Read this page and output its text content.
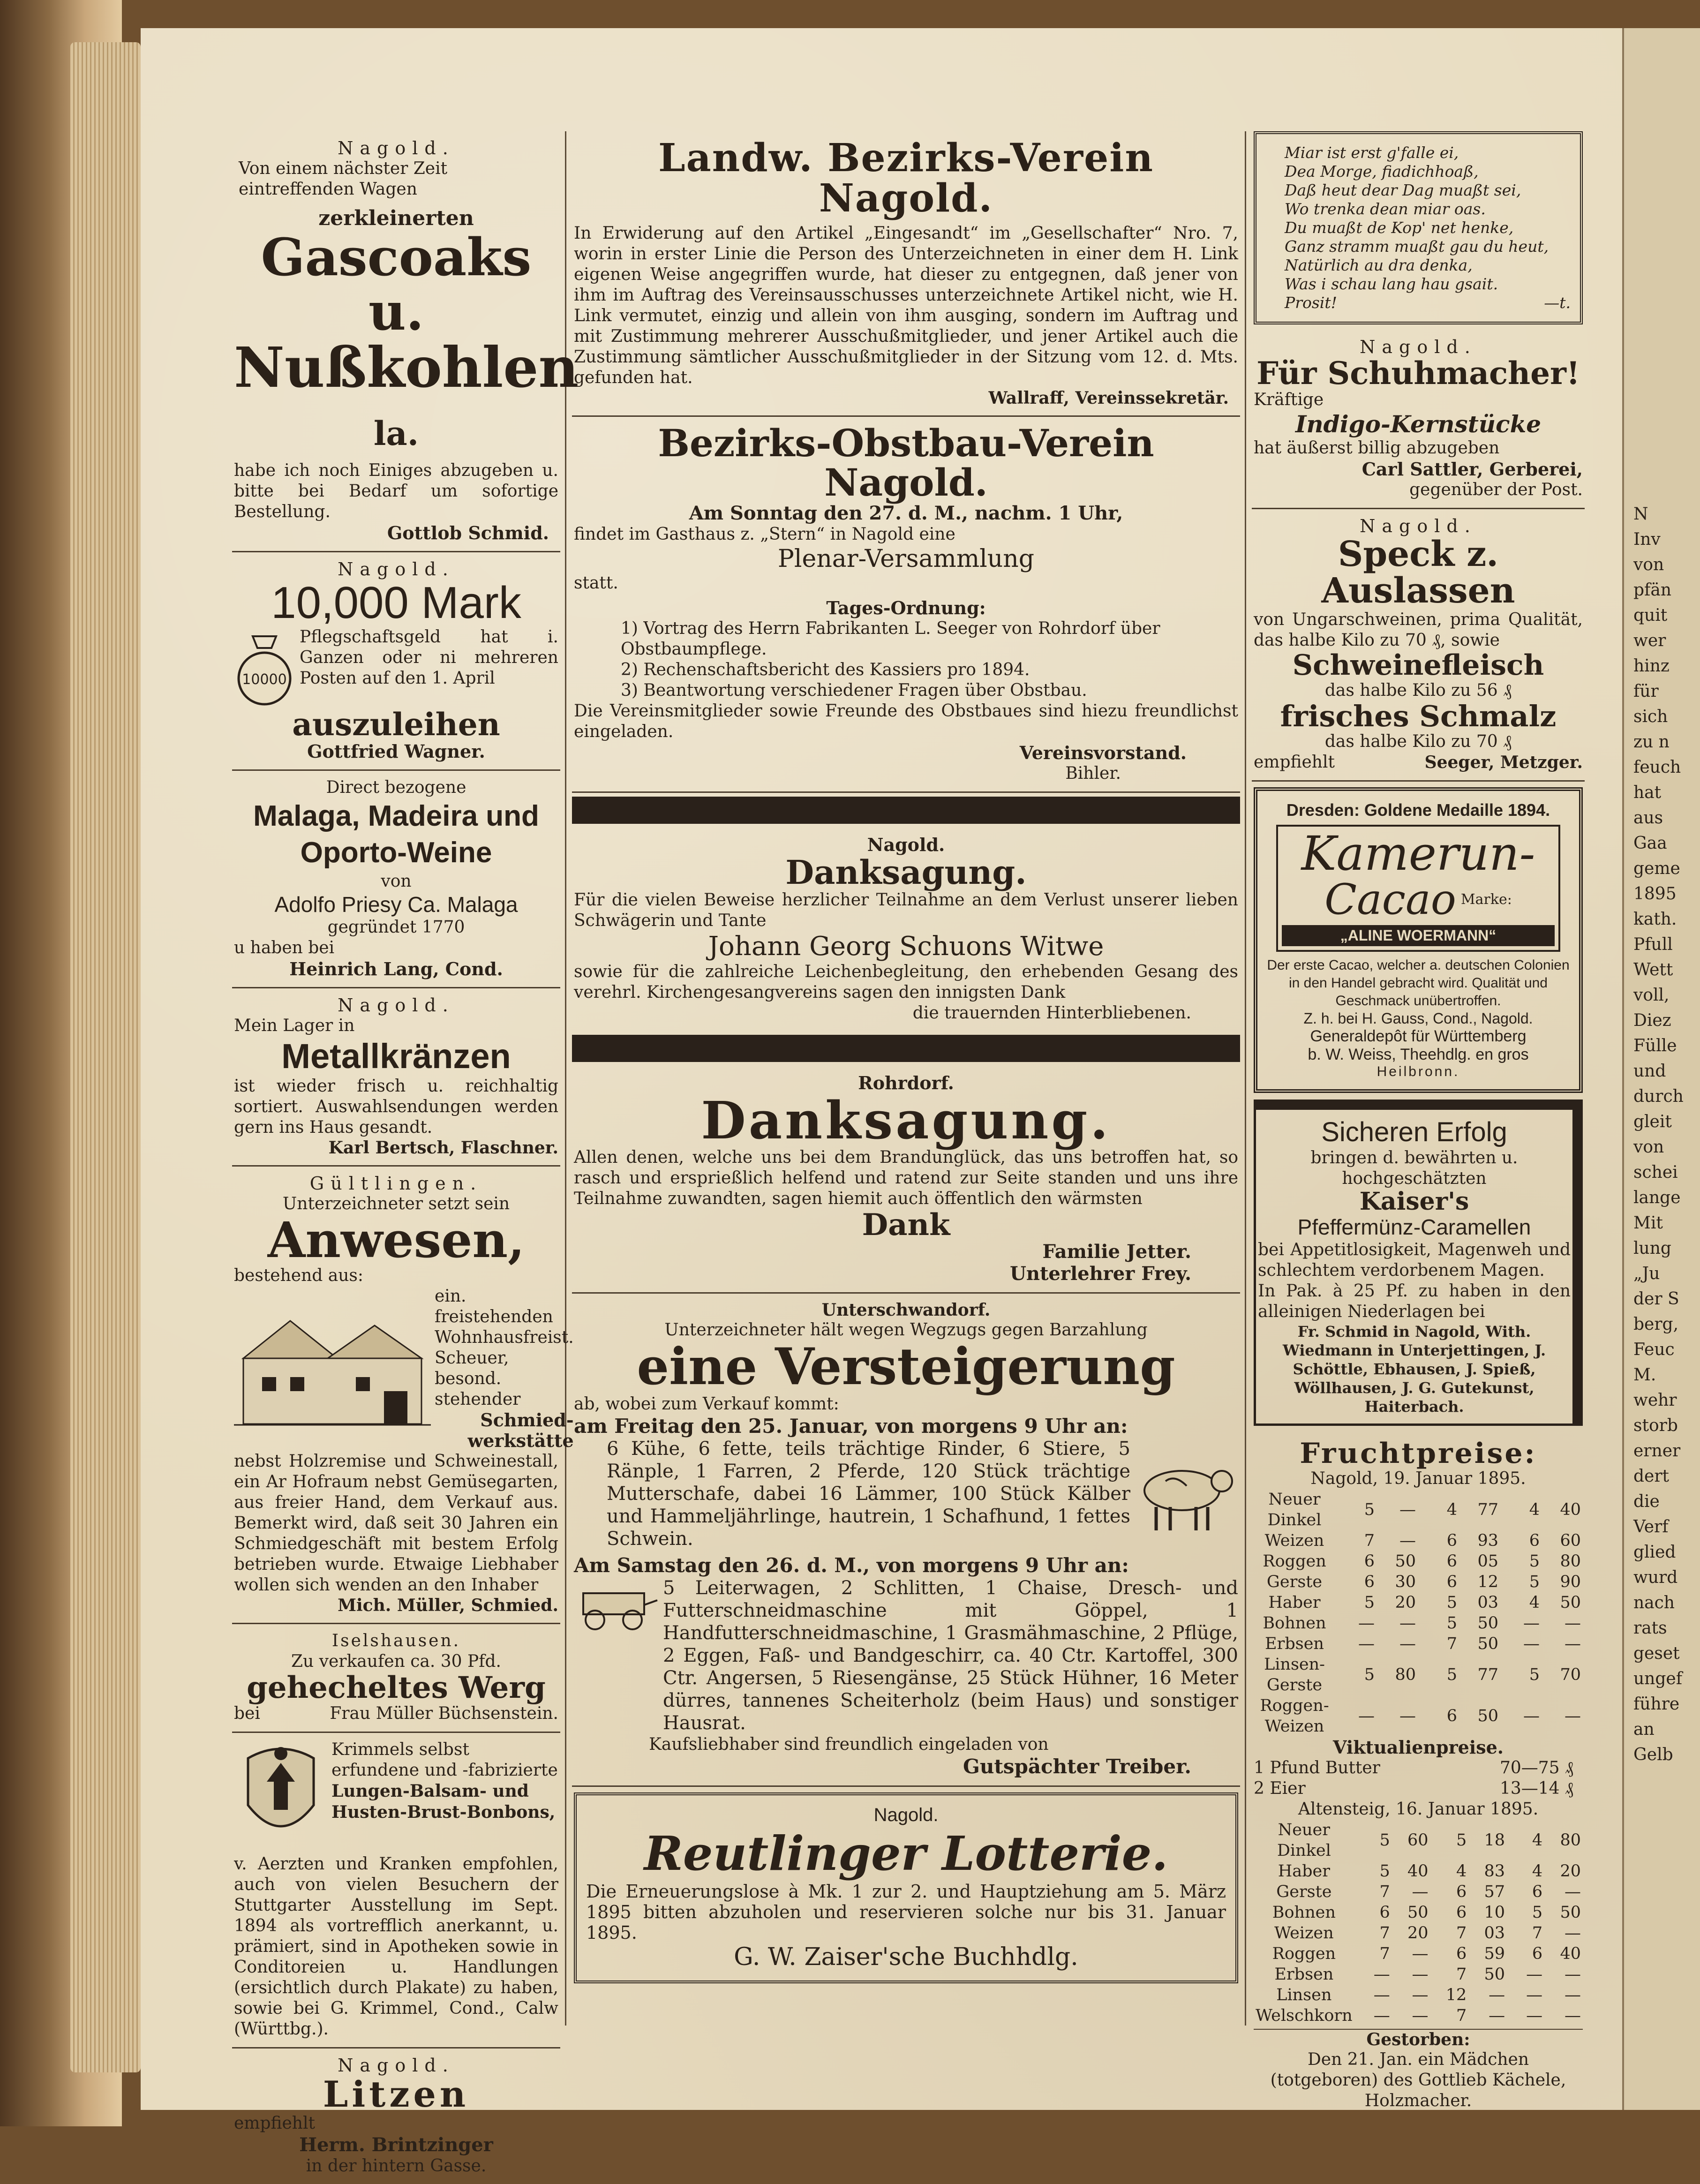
Nagold.
Von einem nächster Zeit eintreffenden Wagen
zerkleinerten
Gascoaks u.
Nußkohlen la.
habe ich noch Einiges abzugeben u. bitte bei Bedarf um sofortige Bestellung.
Gottlob Schmid.
Nagold.
10,000 Mark
10000
Pflegschaftsgeld hat i. Ganzen oder ni mehreren Posten auf den 1. April
auszuleihen
Gottfried Wagner.
Direct bezogene
Malaga, Madeira und
Oporto-Weine
von
Adolfo Priesy Ca. Malaga
gegründet 1770
u haben bei
Heinrich Lang, Cond.
Nagold.
Mein Lager in
Metallkränzen
ist wieder frisch u. reichhaltig sortiert. Auswahlsendungen werden gern ins Haus gesandt.
Karl Bertsch, Flaschner.
Gültlingen.
Unterzeichneter setzt sein
Anwesen,
bestehend aus:
ein. freistehenden Wohnhausfreist. Scheuer, besond. stehender
Schmied-werkstätte
nebst Holzremise und Schweinestall, ein Ar Hofraum nebst Gemüsegarten, aus freier Hand, dem Verkauf aus. Bemerkt wird, daß seit 30 Jahren ein Schmiedgeschäft mit bestem Erfolg betrieben wurde. Etwaige Liebhaber wollen sich wenden an den Inhaber
Mich. Müller, Schmied.
Iselshausen.
Zu verkaufen ca. 30 Pfd.
gehecheltes Werg
bei	Frau Müller Büchsenstein.
Krimmels selbst erfundene und -fabrizierte Lungen-Balsam- und Husten-Brust-Bonbons,
v. Aerzten und Kranken empfohlen, auch von vielen Besuchern der Stuttgarter Ausstellung im Sept. 1894 als vortrefflich anerkannt, u. prämiert, sind in Apotheken sowie in Conditoreien u. Handlungen (ersichtlich durch Plakate) zu haben, sowie bei G. Krimmel, Cond., Calw (Württbg.).
Nagold.
Litzen
empfiehlt
Herm. Brintzinger
in der hintern Gasse.
Landw. Bezirks-Verein Nagold.
In Erwiderung auf den Artikel „Eingesandt“ im „Gesellschafter“ Nro. 7, worin in erster Linie die Person des Unterzeichneten in einer dem H. Link eigenen Weise angegriffen wurde, hat dieser zu entgegnen, daß jener von ihm im Auftrag des Vereinsausschusses unterzeichnete Artikel nicht, wie H. Link vermutet, einzig und allein von ihm ausging, sondern im Auftrag und mit Zustimmung mehrerer Ausschußmitglieder, und jener Artikel auch die Zustimmung sämtlicher Ausschußmitglieder in der Sitzung vom 12. d. Mts. gefunden hat.
Wallraff, Vereinssekretär.
Bezirks-Obstbau-Verein Nagold.
Am Sonntag den 27. d. M., nachm. 1 Uhr,
findet im Gasthaus z. „Stern“ in Nagold eine
Plenar-Versammlung
statt.
Tages-Ordnung:
1) Vortrag des Herrn Fabrikanten L. Seeger von Rohrdorf über Obstbaumpflege.
2) Rechenschaftsbericht des Kassiers pro 1894.
3) Beantwortung verschiedener Fragen über Obstbau.
Die Vereinsmitglieder sowie Freunde des Obstbaues sind hiezu freundlichst eingeladen.
Vereinsvorstand.
Bihler.
Nagold.
Danksagung.
Für die vielen Beweise herzlicher Teilnahme an dem Verlust unserer lieben Schwägerin und Tante
Johann Georg Schuons Witwe
sowie für die zahlreiche Leichenbegleitung, den erhebenden Gesang des verehrl. Kirchengesangvereins sagen den innigsten Dank
die trauernden Hinterbliebenen.
Rohrdorf.
Danksagung.
Allen denen, welche uns bei dem Brandunglück, das uns betroffen hat, so rasch und ersprießlich helfend und ratend zur Seite standen und uns ihre Teilnahme zuwandten, sagen hiemit auch öffentlich den wärmsten
Dank
Familie Jetter.
Unterlehrer Frey.
Unterschwandorf.
Unterzeichneter hält wegen Wegzugs gegen Barzahlung
eine Versteigerung
ab, wobei zum Verkauf kommt:
am Freitag den 25. Januar, von morgens 9 Uhr an:
6 Kühe, 6 fette, teils trächtige Rinder, 6 Stiere, 5 Ränple, 1 Farren, 2 Pferde, 120 Stück trächtige Mutterschafe, dabei 16 Lämmer, 100 Stück Kälber und Hammeljährlinge, hautrein, 1 Schafhund, 1 fettes Schwein.
Am Samstag den 26. d. M., von morgens 9 Uhr an:
5 Leiterwagen, 2 Schlitten, 1 Chaise, Dresch- und Futterschneidmaschine mit Göppel, 1 Handfutterschneidmaschine, 1 Grasmähmaschine, 2 Pflüge, 2 Eggen, Faß- und Bandgeschirr, ca. 40 Ctr. Kartoffel, 300 Ctr. Angersen, 5 Riesengänse, 25 Stück Hühner, 16 Meter dürres, tannenes Scheiterholz (beim Haus) und sonstiger Hausrat.
Kaufsliebhaber sind freundlich eingeladen von
Gutspächter Treiber.
Nagold.
Reutlinger Lotterie.
Die Erneuerungslose à Mk. 1 zur 2. und Hauptziehung am 5. März 1895 bitten abzuholen und reservieren solche nur bis 31. Januar 1895.
G. W. Zaiser'sche Buchhdlg.
Miar ist erst g'falle ei,
Dea Morge, fiadichhoaß,
Daß heut dear Dag muaßt sei,
Wo trenka dean miar oas.
Du muaßt de Kop' net henke,
Ganz stramm muaßt gau du heut,
Natürlich au dra denka,
Was i schau lang hau gsait.
Prosit!	—t.
Nagold.
Für Schuhmacher!
Kräftige
Indigo-Kernstücke
hat äußerst billig abzugeben
Carl Sattler, Gerberei,
gegenüber der Post.
Nagold.
Speck z. Auslassen
von Ungarschweinen, prima Qualität, das halbe Kilo zu 70 ₰, sowie
Schweinefleisch
das halbe Kilo zu 56 ₰
frisches Schmalz
das halbe Kilo zu 70 ₰
empfiehlt	Seeger, Metzger.
Dresden: Goldene Medaille 1894.
Kamerun-
Cacao Marke:
„ALINE WOERMANN“
Der erste Cacao, welcher a. deutschen Colonien in den Handel gebracht wird. Qualität und Geschmack unübertroffen.
Z. h. bei H. Gauss, Cond., Nagold.
Generaldepôt für Württemberg
b. W. Weiss, Theehdlg. en gros
Heilbronn.
Sicheren Erfolg
bringen d. bewährten u. hochgeschätzten
Kaiser's
Pfeffermünz-Caramellen
bei Appetitlosigkeit, Magenweh und schlechtem verdorbenem Magen.
In Pak. à 25 Pf. zu haben in den alleinigen Niederlagen bei
Fr. Schmid in Nagold, With. Wiedmann in Unterjettingen, J. Schöttle, Ebhausen, J. Spieß, Wöllhausen, J. G. Gutekunst, Haiterbach.
Fruchtpreise:
Nagold, 19. Januar 1895.
Neuer Dinkel	5	—	4	77	4	40
Weizen	7	—	6	93	6	60
Roggen	6	50	6	05	5	80
Gerste	6	30	6	12	5	90
Haber	5	20	5	03	4	50
Bohnen	—	—	5	50	—	—
Erbsen	—	—	7	50	—	—
Linsen-Gerste	5	80	5	77	5	70
Roggen-Weizen	—	—	6	50	—	—
Viktualienpreise.
1 Pfund Butter	70—75 ₰
2 Eier	13—14 ₰
Altensteig, 16. Januar 1895.
Neuer Dinkel	5	60	5	18	4	80
Haber	5	40	4	83	4	20
Gerste	7	—	6	57	6	—
Bohnen	6	50	6	10	5	50
Weizen	7	20	7	03	7	—
Roggen	7	—	6	59	6	40
Erbsen	—	—	7	50	—	—
Linsen	—	—	12	—	—	—
Welschkorn	—	—	7	—	—	—
Gestorben:
Den 21. Jan. ein Mädchen (totgeboren) des Gottlieb Kächele, Holzmacher.
N
Inv
von
pfän
quit
wer
hinz
für
sich
zu n
feuch
hat
aus
Gaa
geme
1895
kath.
Pfull
Wett
voll,
Diez
Fülle
und
durch
gleit
von
schei
lange
Mit
lung
„Ju
der S
berg,
Feuc
M.
wehr
storb
erner
dert
die
Verf
glied
wurd
nach
rats
geset
ungef
führe
an
Gelb
